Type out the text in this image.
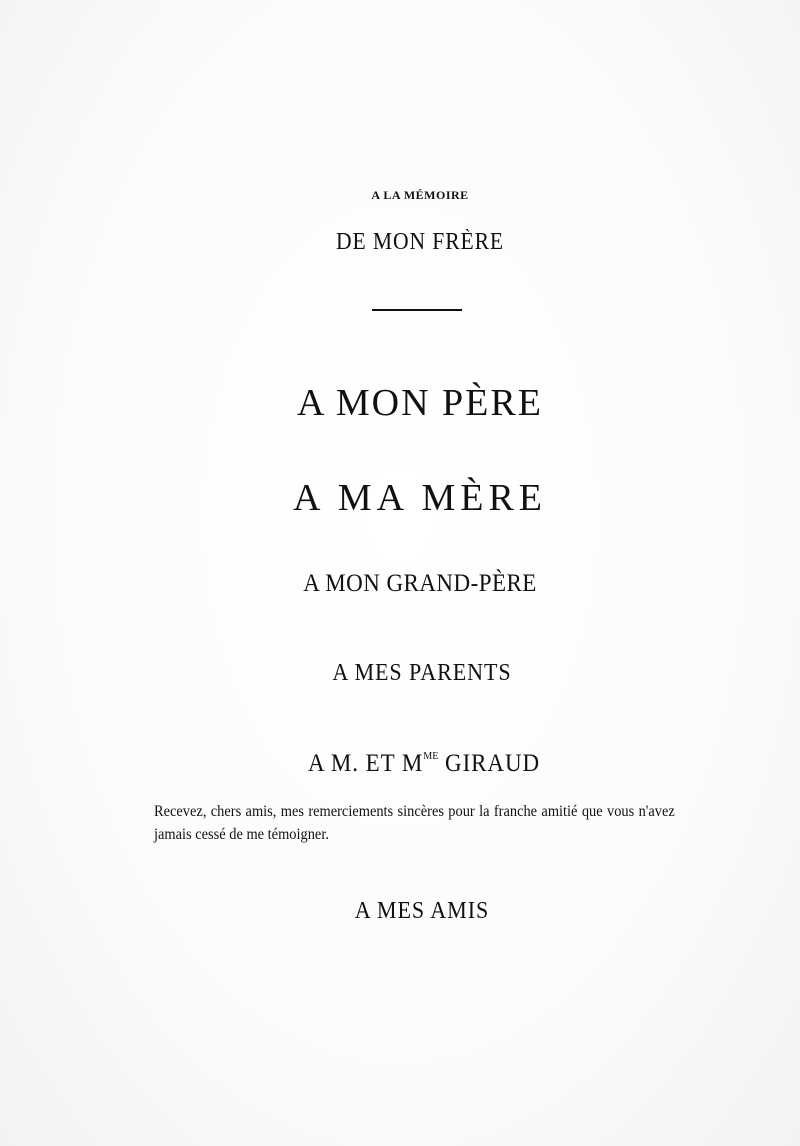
A LA MÉMOIRE
DE MON FRÈRE
A MON PÈRE
A MA MÈRE
A MON GRAND-PÈRE
A MES PARENTS
A M. ET $M^{ME}$ GIRAUD
Recevez, chers amis, mes remerciements sincères pour la franche amitié que vous n'avez jamais cessé de me témoigner.
A MES AMIS
